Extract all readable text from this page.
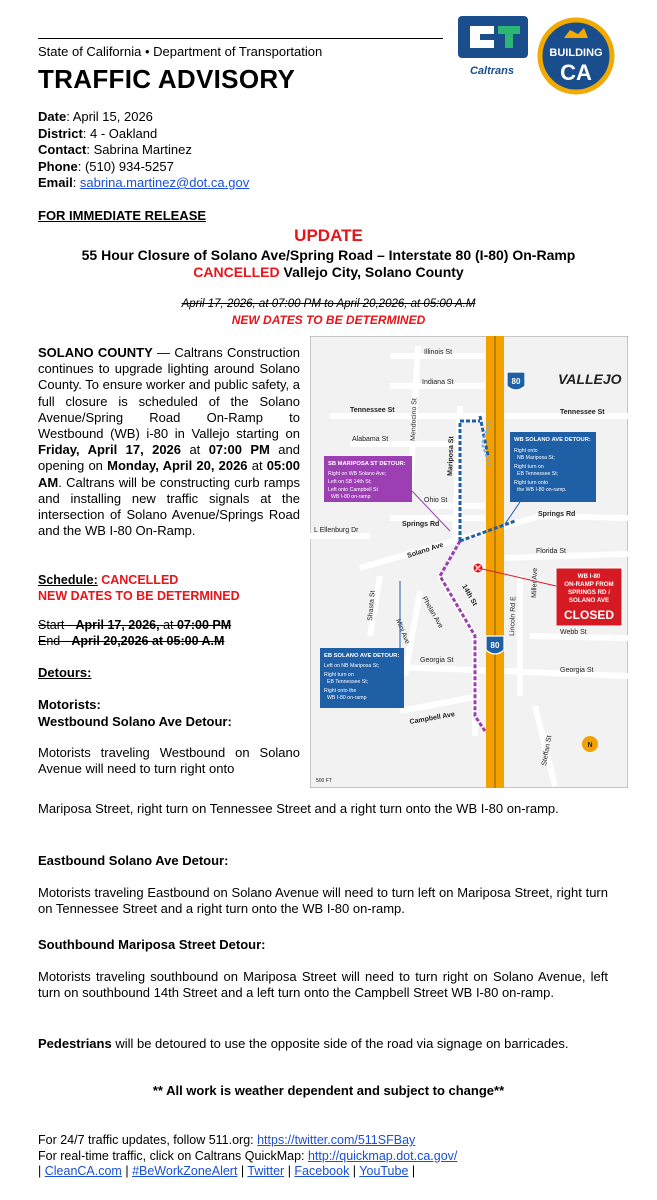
State of California • Department of Transportation
TRAFFIC ADVISORY	Caltrans
BUILDING
CA
Date: April 15, 2026
District: 4 - Oakland
Contact: Sabrina Martinez
Phone: (510) 934-5257
Email: sabrina.martinez@dot.ca.gov
FOR IMMEDIATE RELEASE
UPDATE
55 Hour Closure of Solano Ave/Spring Road – Interstate 80 (I-80) On-Ramp
CANCELLED Vallejo City, Solano County
April 17, 2026, at 07:00 PM to April 20,2026, at 05:00 A.M
NEW DATES TO BE DETERMINED
SOLANO COUNTY — Caltrans Construction continues to upgrade lighting around Solano County. To ensure worker and public safety, a full closure is scheduled of the Solano Avenue/Spring Road On-Ramp to Westbound (WB) i-80 in Vallejo starting on Friday, April 17, 2026 at 07:00 PM and opening on Monday, April 20, 2026 at 05:00 AM. Caltrans will be constructing curb ramps and installing new traffic signals at the intersection of Solano Avenue/Springs Road and the WB I-80 On-Ramp.
Schedule: CANCELLED
NEW DATES TO BE DETERMINED
Start - April 17, 2026, at 07:00 PM
End - April 20,2026 at 05:00 A.M
Detours:
Motorists:
Westbound Solano Ave Detour:
Motorists traveling Westbound on Solano Avenue will need to turn right onto
80
80
Illinois St
Indiana St
Tennessee St	Tennessee St
Alabama St	Mendocino St
Mariposa St
Ohio St
Springs Rd
Springs Rd
L Ellenburg Dr
Solano Ave	Florida St
Shasta St	14th St
Phelan Ave
Mini Ave	Lincoln Rd E
Miller Ave
Webb St
Georgia St
Georgia St
Campbell Ave
Steffan St
VALLEJO
WB SOLANO AVE DETOUR:
Right onto
NB Mariposa St;
Right turn on
EB Tennessee St;
Right turn onto
the WB I-80 on-ramp.
SB MARIPOSA ST DETOUR:
Right on WB Solano Ave;
Left on SB 14th St;
Left onto Campbell St
WB I-80 on-ramp
EB SOLANO AVE DETOUR:
Left on NB Mariposa St;
Right turn on
EB Tennessee St;
Right onto the
WB I-80 on-ramp
WB I-80
ON-RAMP FROM
SPRINGS RD /
SOLANO AVE
CLOSED
N
500 FT
Mariposa Street, right turn on Tennessee Street and a right turn onto the WB I-80 on-ramp.
Eastbound Solano Ave Detour:
Motorists traveling Eastbound on Solano Avenue will need to turn left on Mariposa Street, right turn on Tennessee Street and a right turn onto the WB I-80 on-ramp.
Southbound Mariposa Street Detour:
Motorists traveling southbound on Mariposa Street will need to turn right on Solano Avenue, left turn on southbound 14th Street and a left turn onto the Campbell Street WB I-80 on-ramp.
Pedestrians will be detoured to use the opposite side of the road via signage on barricades.
** All work is weather dependent and subject to change**
For 24/7 traffic updates, follow 511.org: https://twitter.com/511SFBay
For real-time traffic, click on Caltrans QuickMap: http://quickmap.dot.ca.gov/
| CleanCA.com | #BeWorkZoneAlert | Twitter | Facebook | YouTube |
